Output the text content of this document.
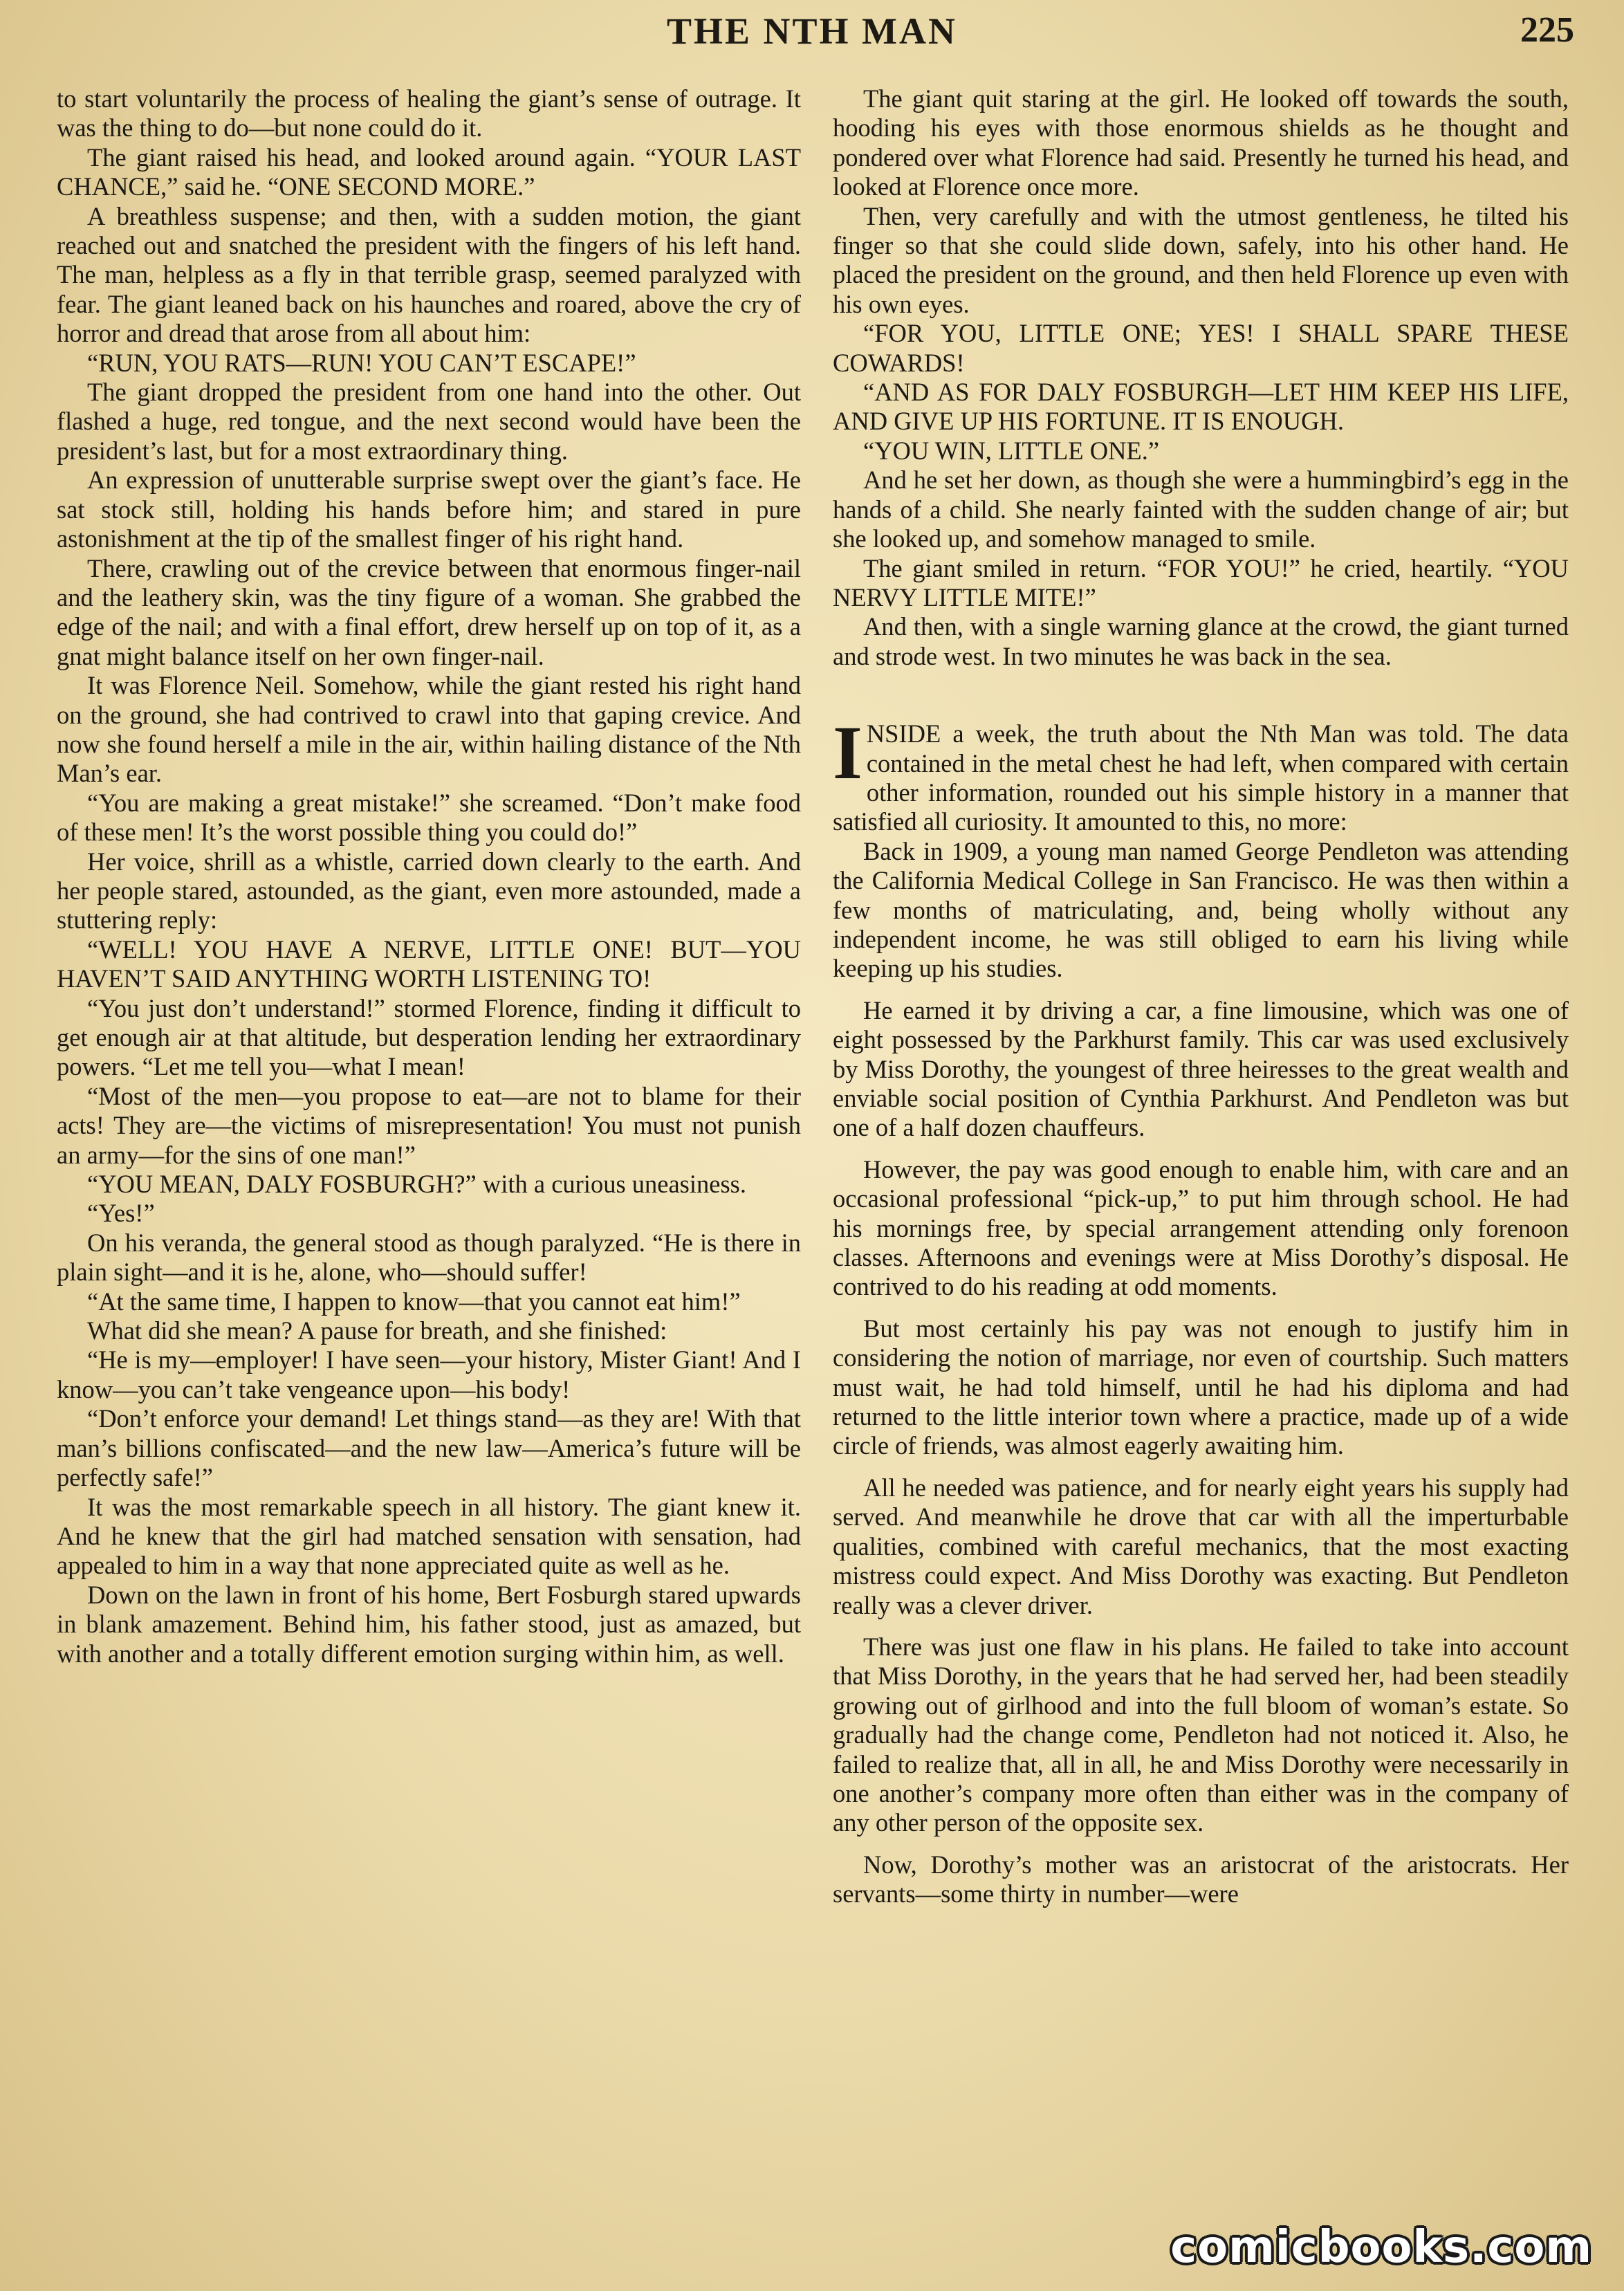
THE NTH MAN	225

to start voluntarily the process of healing the giant’s sense of outrage. It was the thing to do—but none could do it.

The giant raised his head, and looked around again. “YOUR LAST CHANCE,” said he. “ONE SECOND MORE.”

A breathless suspense; and then, with a sudden motion, the giant reached out and snatched the president with the fingers of his left hand. The man, helpless as a fly in that terrible grasp, seemed paralyzed with fear. The giant leaned back on his haunches and roared, above the cry of horror and dread that arose from all about him:

“RUN, YOU RATS—RUN! YOU CAN’T ESCAPE!”

The giant dropped the president from one hand into the other. Out flashed a huge, red tongue, and the next second would have been the president’s last, but for a most extraordinary thing.

An expression of unutterable surprise swept over the giant’s face. He sat stock still, holding his hands before him; and stared in pure astonishment at the tip of the smallest finger of his right hand.

There, crawling out of the crevice between that enormous finger-nail and the leathery skin, was the tiny figure of a woman. She grabbed the edge of the nail; and with a final effort, drew herself up on top of it, as a gnat might balance itself on her own finger-nail.

It was Florence Neil. Somehow, while the giant rested his right hand on the ground, she had contrived to crawl into that gaping crevice. And now she found herself a mile in the air, within hailing distance of the Nth Man’s ear.

“You are making a great mistake!” she screamed. “Don’t make food of these men! It’s the worst possible thing you could do!”

Her voice, shrill as a whistle, carried down clearly to the earth. And her people stared, astounded, as the giant, even more astounded, made a stuttering reply:

“WELL! YOU HAVE A NERVE, LITTLE ONE! BUT—YOU HAVEN’T SAID ANYTHING WORTH LISTENING TO!

“You just don’t understand!” stormed Florence, finding it difficult to get enough air at that altitude, but desperation lending her extraordinary powers. “Let me tell you—what I mean!

“Most of the men—you propose to eat—are not to blame for their acts! They are—the victims of misrepresentation! You must not punish an army—for the sins of one man!”

“YOU MEAN, DALY FOSBURGH?” with a curious uneasiness.

“Yes!”

On his veranda, the general stood as though paralyzed. “He is there in plain sight—and it is he, alone, who—should suffer!

“At the same time, I happen to know—that you cannot eat him!”

What did she mean? A pause for breath, and she finished:

“He is my—employer! I have seen—your history, Mister Giant! And I know—you can’t take vengeance upon—his body!

“Don’t enforce your demand! Let things stand—as they are! With that man’s billions confiscated—and the new law—America’s future will be perfectly safe!”

It was the most remarkable speech in all history. The giant knew it. And he knew that the girl had matched sensation with sensation, had appealed to him in a way that none appreciated quite as well as he.

Down on the lawn in front of his home, Bert Fosburgh stared upwards in blank amazement. Behind him, his father stood, just as amazed, but with another and a totally different emotion surging within him, as well.

The giant quit staring at the girl. He looked off towards the south, hooding his eyes with those enormous shields as he thought and pondered over what Florence had said. Presently he turned his head, and looked at Florence once more.

Then, very carefully and with the utmost gentleness, he tilted his finger so that she could slide down, safely, into his other hand. He placed the president on the ground, and then held Florence up even with his own eyes.

“FOR YOU, LITTLE ONE; YES! I SHALL SPARE THESE COWARDS!

“AND AS FOR DALY FOSBURGH—LET HIM KEEP HIS LIFE, AND GIVE UP HIS FORTUNE. IT IS ENOUGH.

“YOU WIN, LITTLE ONE.”

And he set her down, as though she were a hummingbird’s egg in the hands of a child. She nearly fainted with the sudden change of air; but she looked up, and somehow managed to smile.

The giant smiled in return. “FOR YOU!” he cried, heartily. “YOU NERVY LITTLE MITE!”

And then, with a single warning glance at the crowd, the giant turned and strode west. In two minutes he was back in the sea.

INSIDE a week, the truth about the Nth Man was told. The data contained in the metal chest he had left, when compared with certain other information, rounded out his simple history in a manner that satisfied all curiosity. It amounted to this, no more:

Back in 1909, a young man named George Pendleton was attending the California Medical College in San Francisco. He was then within a few months of matriculating, and, being wholly without any independent income, he was still obliged to earn his living while keeping up his studies.

He earned it by driving a car, a fine limousine, which was one of eight possessed by the Parkhurst family. This car was used exclusively by Miss Dorothy, the youngest of three heiresses to the great wealth and enviable social position of Cynthia Parkhurst. And Pendleton was but one of a half dozen chauffeurs.

However, the pay was good enough to enable him, with care and an occasional professional “pick-up,” to put him through school. He had his mornings free, by special arrangement attending only forenoon classes. Afternoons and evenings were at Miss Dorothy’s disposal. He contrived to do his reading at odd moments.

But most certainly his pay was not enough to justify him in considering the notion of marriage, nor even of courtship. Such matters must wait, he had told himself, until he had his diploma and had returned to the little interior town where a practice, made up of a wide circle of friends, was almost eagerly awaiting him.

All he needed was patience, and for nearly eight years his supply had served. And meanwhile he drove that car with all the imperturbable qualities, combined with careful mechanics, that the most exacting mistress could expect. And Miss Dorothy was exacting. But Pendleton really was a clever driver.

There was just one flaw in his plans. He failed to take into account that Miss Dorothy, in the years that he had served her, had been steadily growing out of girlhood and into the full bloom of woman’s estate. So gradually had the change come, Pendleton had not noticed it. Also, he failed to realize that, all in all, he and Miss Dorothy were necessarily in one another’s company more often than either was in the company of any other person of the opposite sex.

Now, Dorothy’s mother was an aristocrat of the aristocrats. Her servants—some thirty in number—were

comicbooks.com
